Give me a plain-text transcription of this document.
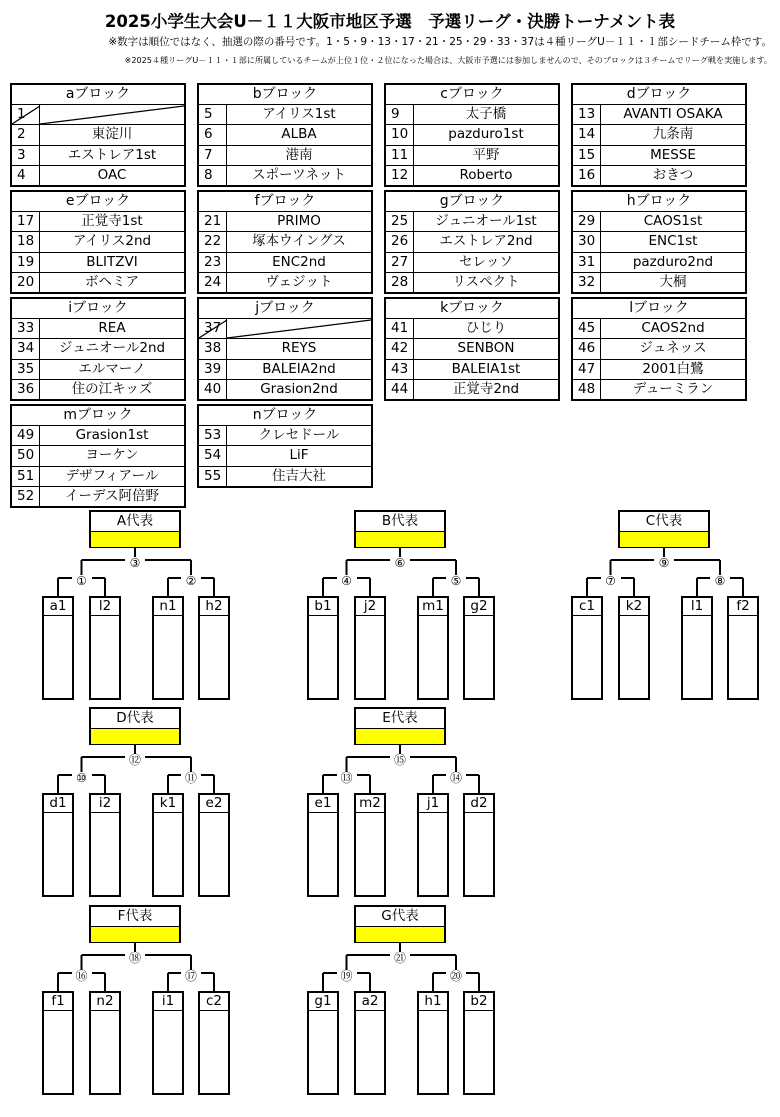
2025小学生大会U－１１大阪市地区予選　予選リーグ・決勝トーナメント表
※数字は順位ではなく、抽選の際の番号です。1・5・9・13・17・21・25・29・33・37は４種リーグU－１１・１部シードチーム枠です。
※2025４種リーグU－１１・１部に所属しているチームが上位１位・２位になった場合は、大阪市予選には参加しませんので、そのブロックは３チームでリーグ戦を実施します。
aブロック
1
2	東淀川
3	エストレア1st
4	OAC
bブロック
5	アイリス1st
6	ALBA
7	港南
8	スポーツネット
cブロック
9	太子橋
10	pazduro1st
11	平野
12	Roberto
dブロック
13	AVANTI OSAKA
14	九条南
15	MESSE
16	おきつ
eブロック
17	正覚寺1st
18	アイリス2nd
19	BLITZVI
20	ボヘミア
fブロック
21	PRIMO
22	塚本ウイングス
23	ENC2nd
24	ヴェジット
gブロック
25	ジュニオール1st
26	エストレア2nd
27	セレッソ
28	リスペクト
hブロック
29	CAOS1st
30	ENC1st
31	pazduro2nd
32	大桐
iブロック
33	REA
34	ジュニオール2nd
35	エルマーノ
36	住の江キッズ
jブロック
37
38	REYS
39	BALEIA2nd
40	Grasion2nd
kブロック
41	ひじり
42	SENBON
43	BALEIA1st
44	正覚寺2nd
lブロック
45	CAOS2nd
46	ジュネッス
47	2001白鷺
48	デューミラン
mブロック
49	Grasion1st
50	ヨーケン
51	デザフィアール
52	イーデス阿倍野
nブロック
53	クレセドール
54	LiF
55	住吉大社
A代表
③
①	②
a1	l2	n1	h2
B代表
⑥
④	⑤
b1	j2	m1	g2
C代表
⑨
⑦	⑧
c1	k2	l1	f2
D代表
⑫
⑩	⑪
d1	i2	k1	e2
E代表
⑮
⑬	⑭
e1	m2	j1	d2
F代表
⑱
⑯	⑰
f1	n2	i1	c2
G代表
㉑
⑲	⑳
g1	a2	h1	b2
